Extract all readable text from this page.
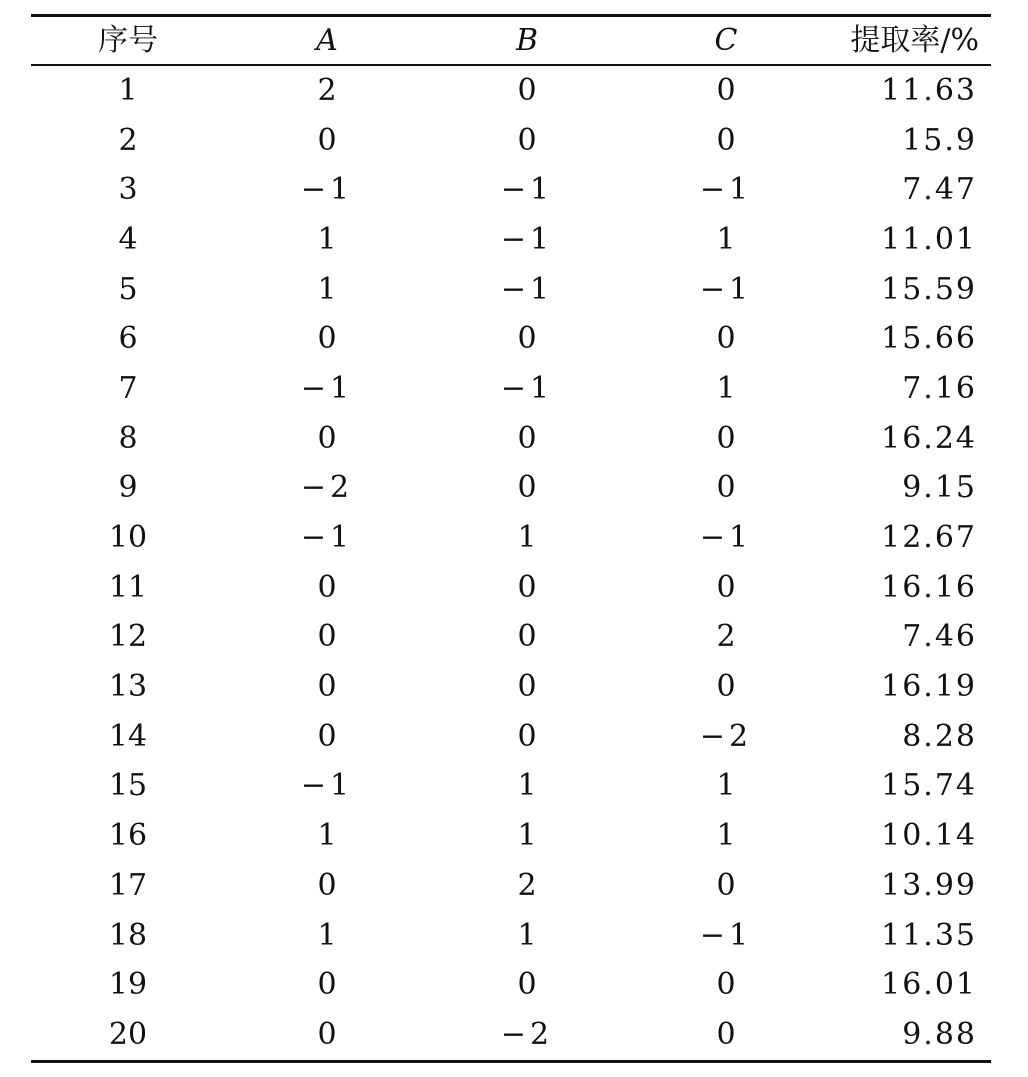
序号	A	B	C	提取率/%
1	2	0	0	11.63
2	0	0	0	15.9
3	−1	−1	−1	7.47
4	1	−1	1	11.01
5	1	−1	−1	15.59
6	0	0	0	15.66
7	−1	−1	1	7.16
8	0	0	0	16.24
9	−2	0	0	9.15
10	−1	1	−1	12.67
11	0	0	0	16.16
12	0	0	2	7.46
13	0	0	0	16.19
14	0	0	−2	8.28
15	−1	1	1	15.74
16	1	1	1	10.14
17	0	2	0	13.99
18	1	1	−1	11.35
19	0	0	0	16.01
20	0	−2	0	9.88
